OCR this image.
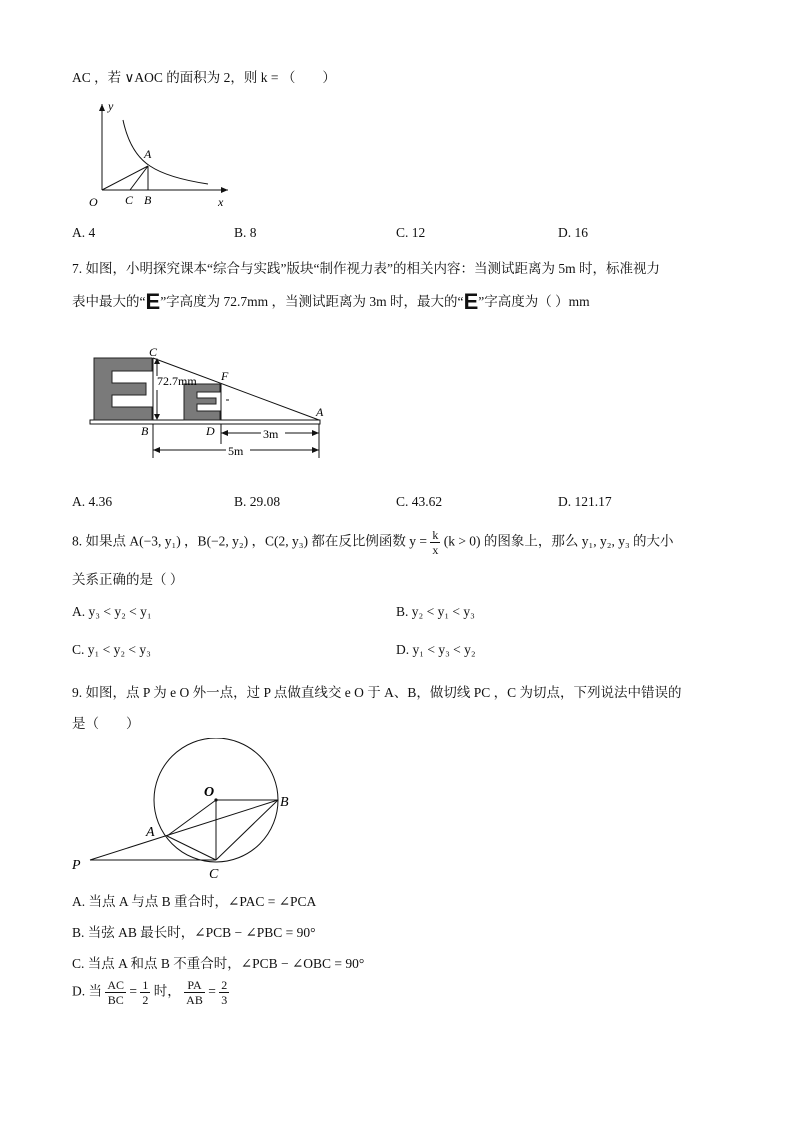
AC ，若 ∨AOC 的面积为 2，则 k = （　　）
y
x
O
A
C B
A. 4	B. 8	C. 12	D. 16
7. 如图，小明探究课本“综合与实践”版块“制作视力表”的相关内容：当测试距离为 5m 时，标准视力
表中最大的“E”字高度为 72.7mm ，当测试距离为 3m 时，最大的“E”字高度为（ ）mm
C
F
A
B	D
72.7mm
3m
5m
A. 4.36	B. 29.08	C. 43.62	D. 121.17
8. 如果点 A(−3, y₁) ，B(−2, y₂) ，C(2, y₃) 都在反比例函数 $y = \frac{k}{x} (k > 0)$ 的图象上，那么 y₁, y₂, y₃ 的大小
关系正确的是（ ）
A. y₃ < y₂ < y₁	B. y₂ < y₁ < y₃
C. y₁ < y₂ < y₃	D. y₁ < y₃ < y₂
9. 如图，点 P 为 e O 外一点，过 P 点做直线交 e O 于 A、B，做切线 PC ，C 为切点，下列说法中错误的
是（　　）
O
B
A
P
C
A. 当点 A 与点 B 重合时，∠PAC = ∠PCA
B. 当弦 AB 最长时，∠PCB − ∠PBC = 90°
C. 当点 A 和点 B 不重合时，∠PCB − ∠OBC = 90°
D. 当 $\frac{AC}{BC} = \frac{1}{2}$ 时， $\frac{PA}{AB} = \frac{2}{3}$
